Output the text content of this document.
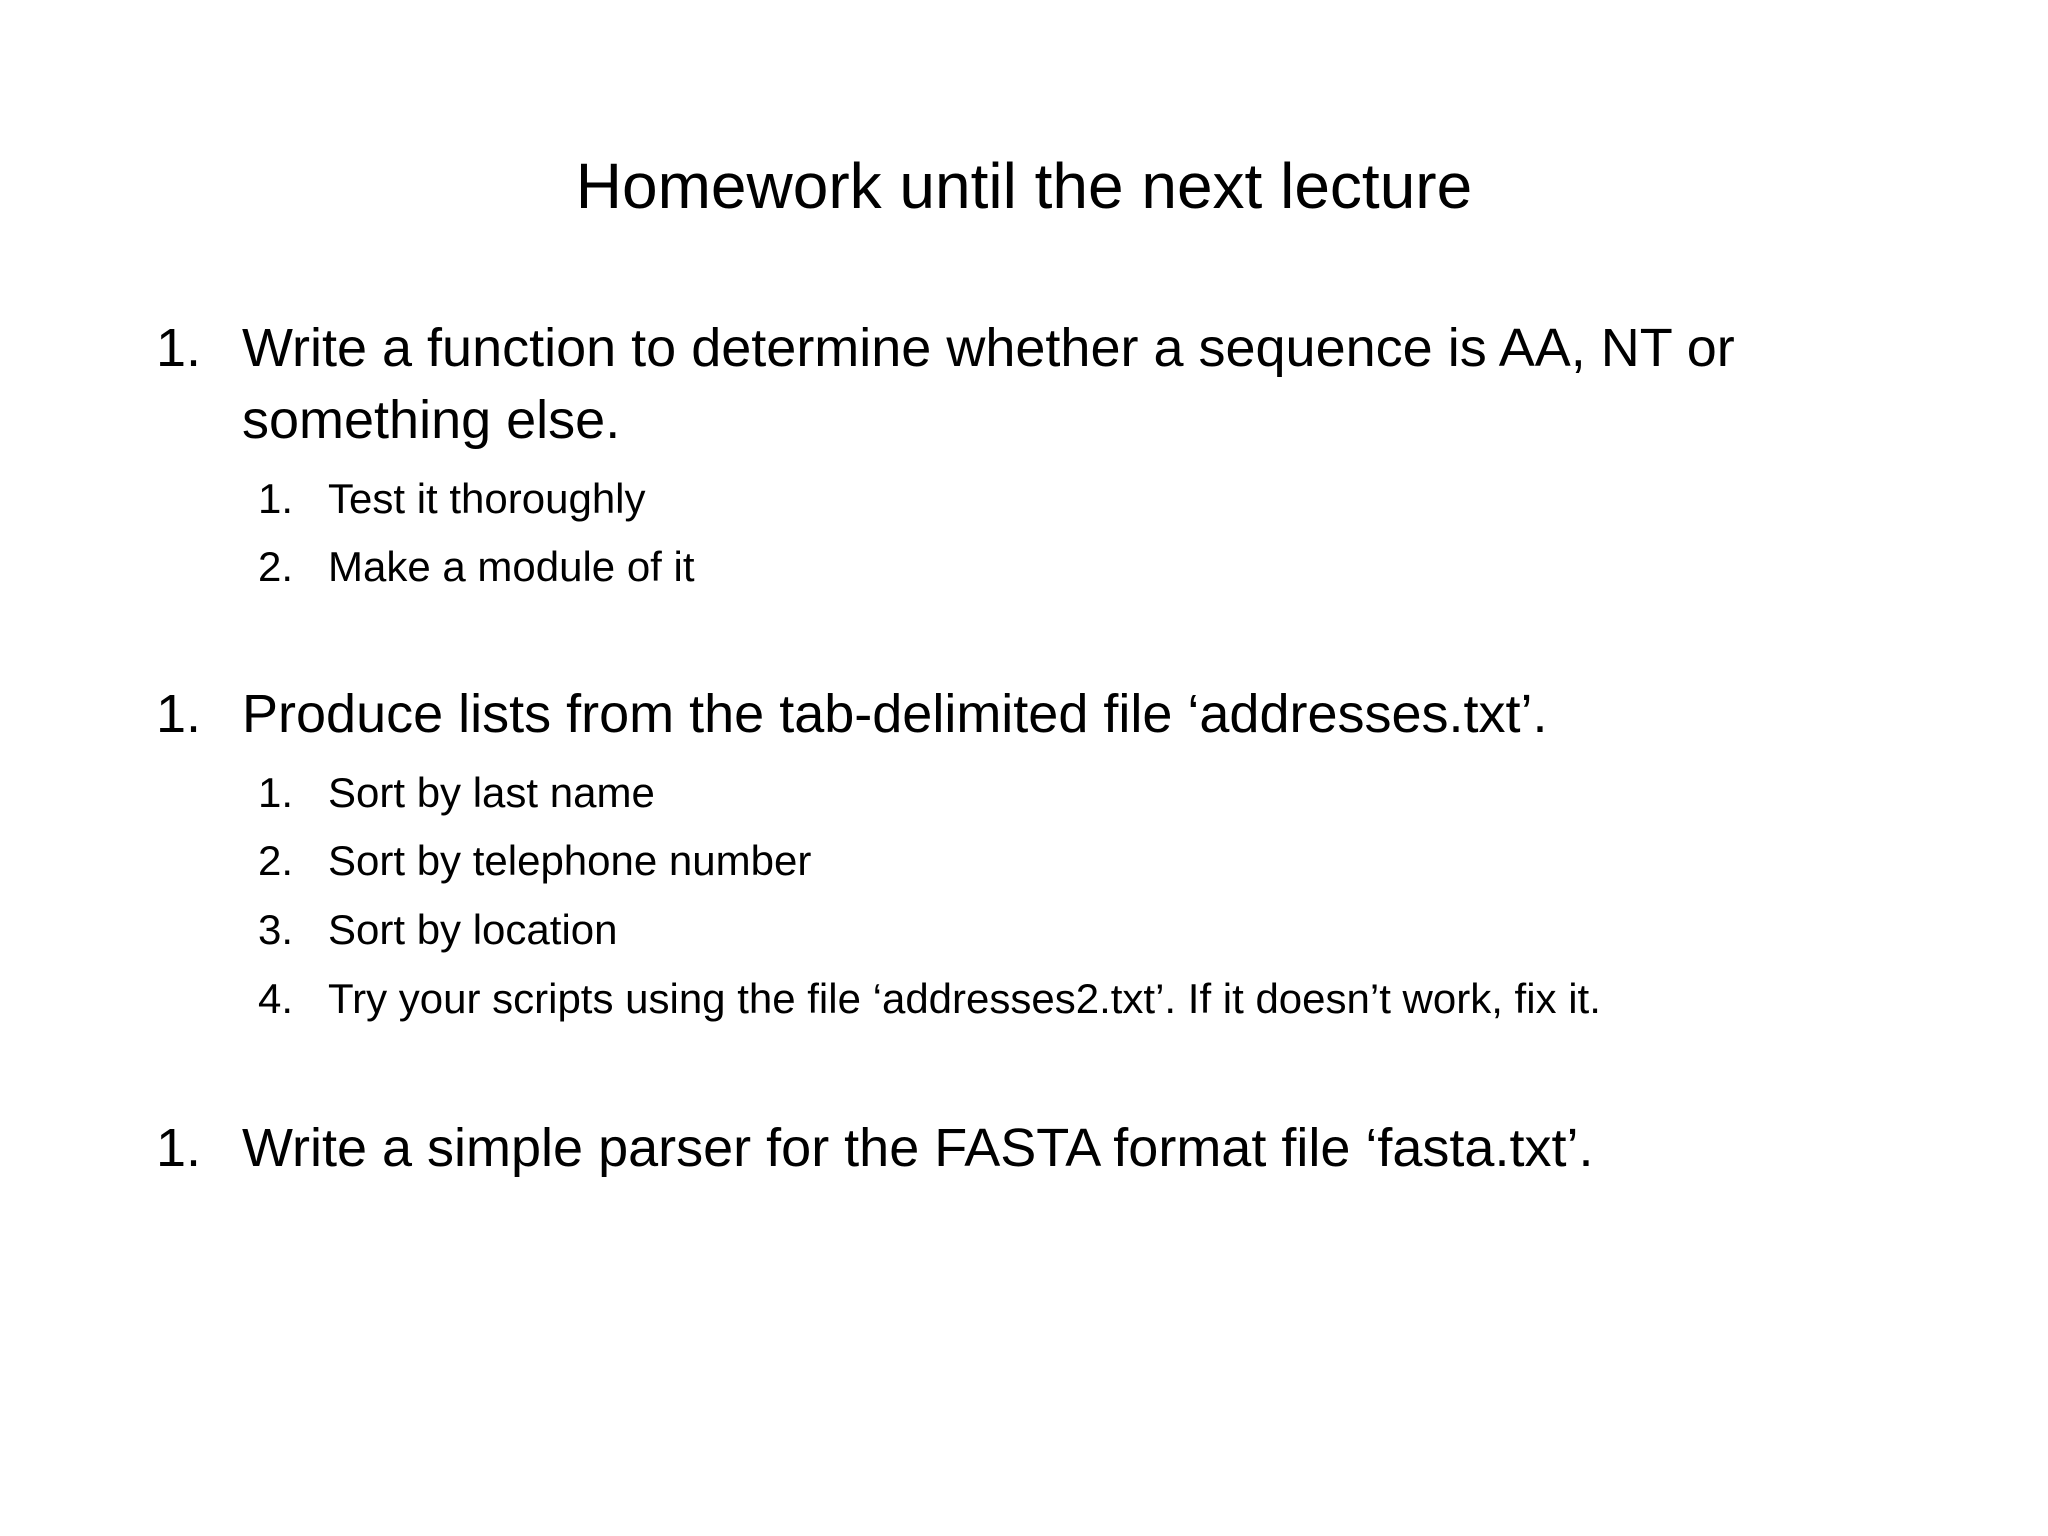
Homework until the next lecture
1. Write a function to determine whether a sequence is AA, NT or
something else.
1. Test it thoroughly
2. Make a module of it
1. Produce lists from the tab-delimited file ‘addresses.txt’.
1. Sort by last name
2. Sort by telephone number
3. Sort by location
4. Try your scripts using the file ‘addresses2.txt’. If it doesn’t work, fix it.
1. Write a simple parser for the FASTA format file ‘fasta.txt’.
